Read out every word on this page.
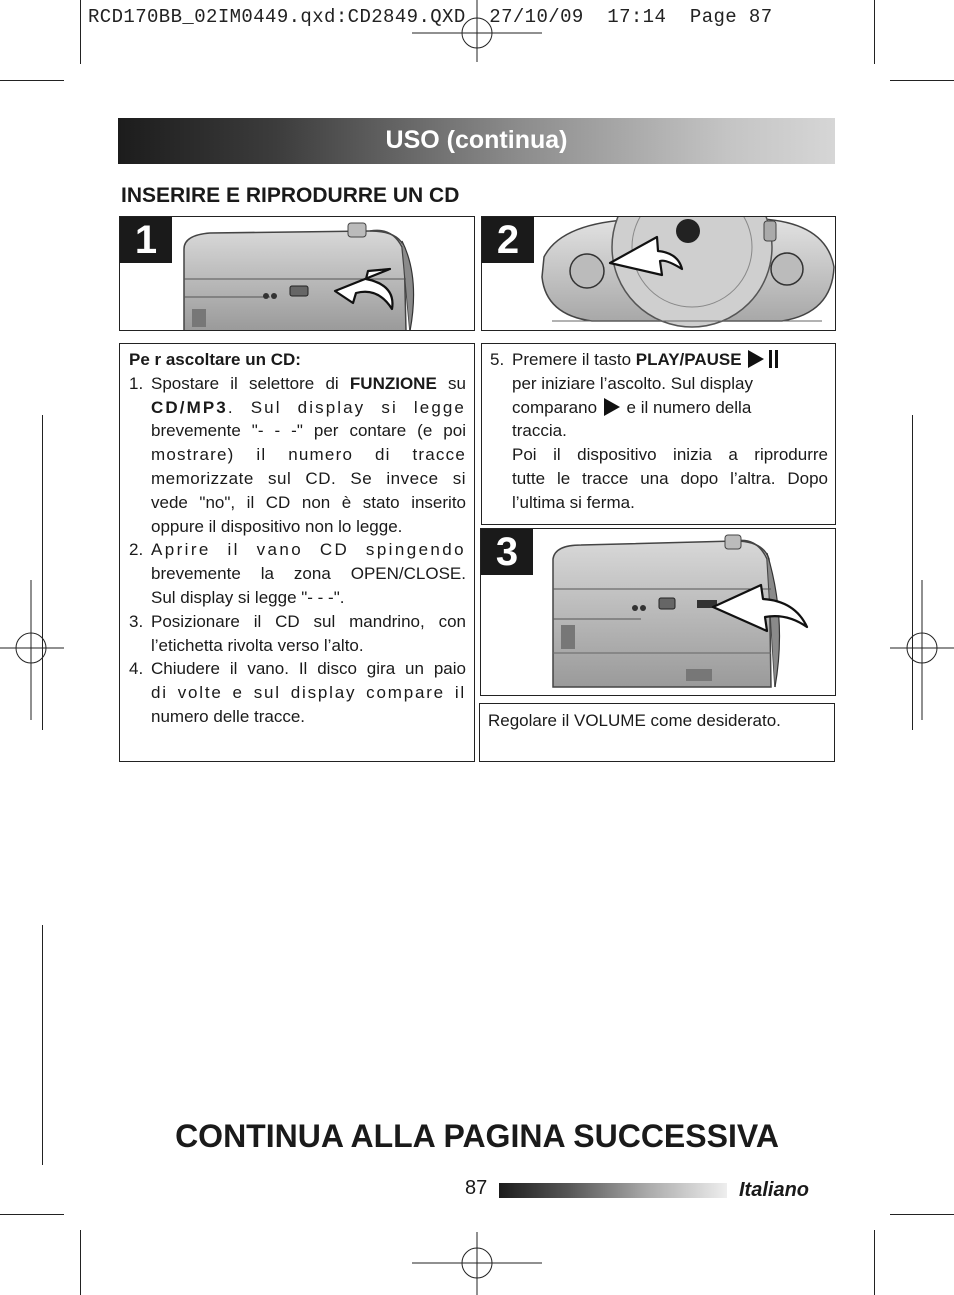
RCD170BB_02IM0449.qxd:CD2849.QXD  27/10/09  17:14  Page 87
USO (continua)
INSERIRE E RIPRODURRE UN CD
1	2
Pe r ascoltare un CD:
1. Spostare il selettore di FUNZIONE su
CD/MP3. Sul display si legge
brevemente "- - -" per contare (e poi
mostrare) il numero di tracce
memorizzate sul CD. Se invece si
vede "no", il CD non è stato inserito
oppure il dispositivo non lo legge.
2. Aprire il vano CD spingendo
brevemente la zona OPEN/CLOSE.
Sul display si legge "- - -".
3. Posizionare il CD sul mandrino, con
l’etichetta rivolta verso l’alto.
4. Chiudere il vano. Il disco gira un paio
di volte e sul display compare il
numero delle tracce.
5. Premere il tasto PLAY/PAUSE
per iniziare l’ascolto. Sul display
comparano e il numero della
traccia.
Poi il dispositivo inizia a riprodurre
tutte le tracce una dopo l’altra. Dopo
l’ultima si ferma.
3
Regolare il VOLUME come desiderato.
CONTINUA ALLA PAGINA SUCCESSIVA
87	Italiano
